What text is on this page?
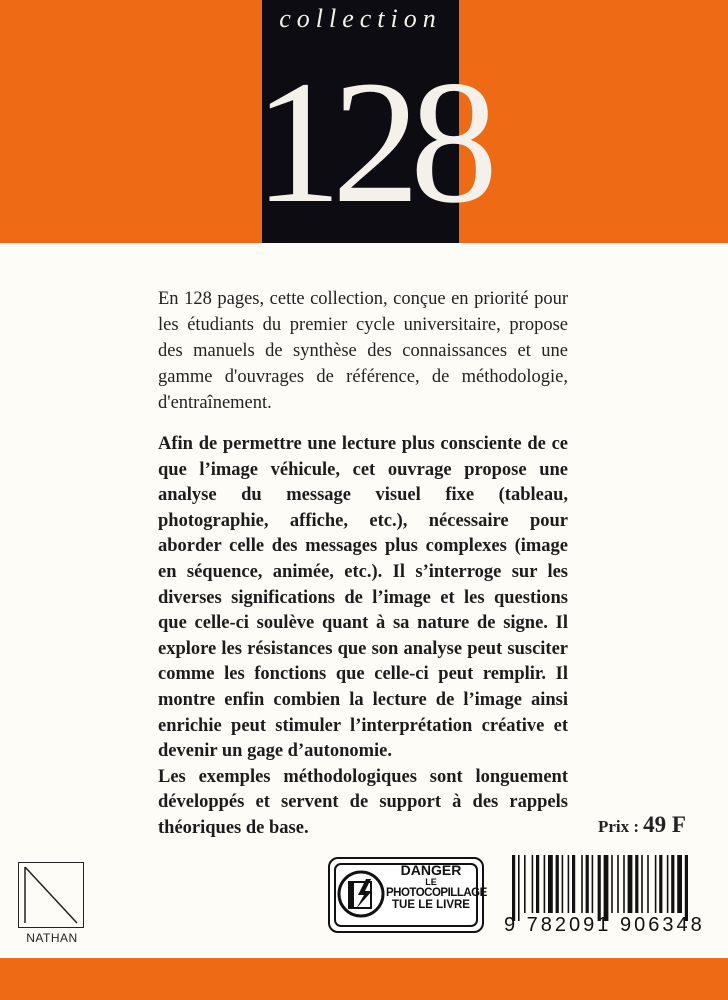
collection
128

En 128 pages, cette collection, conçue en priorité pour les étudiants du premier cycle universitaire, propose des manuels de synthèse des connaissances et une gamme d'ouvrages de référence, de méthodologie, d'entraînement.

Afin de permettre une lecture plus consciente de ce que l’image véhicule, cet ouvrage propose une analyse du message visuel fixe (tableau, photographie, affiche, etc.), nécessaire pour aborder celle des messages plus complexes (image en séquence, animée, etc.). Il s’interroge sur les diverses significations de l’image et les questions que celle-ci soulève quant à sa nature de signe. Il explore les résistances que son analyse peut susciter comme les fonctions que celle-ci peut remplir. Il montre enfin combien la lecture de l’image ainsi enrichie peut stimuler l’interprétation créative et devenir un gage d’autonomie.

Les exemples méthodologiques sont longuement développés et servent de support à des rappels théoriques de base.	Prix : 49 F
NATHAN
DANGER
LE
PHOTOCOPILLAGE
TUE LE LIVRE
9 782091 906348
